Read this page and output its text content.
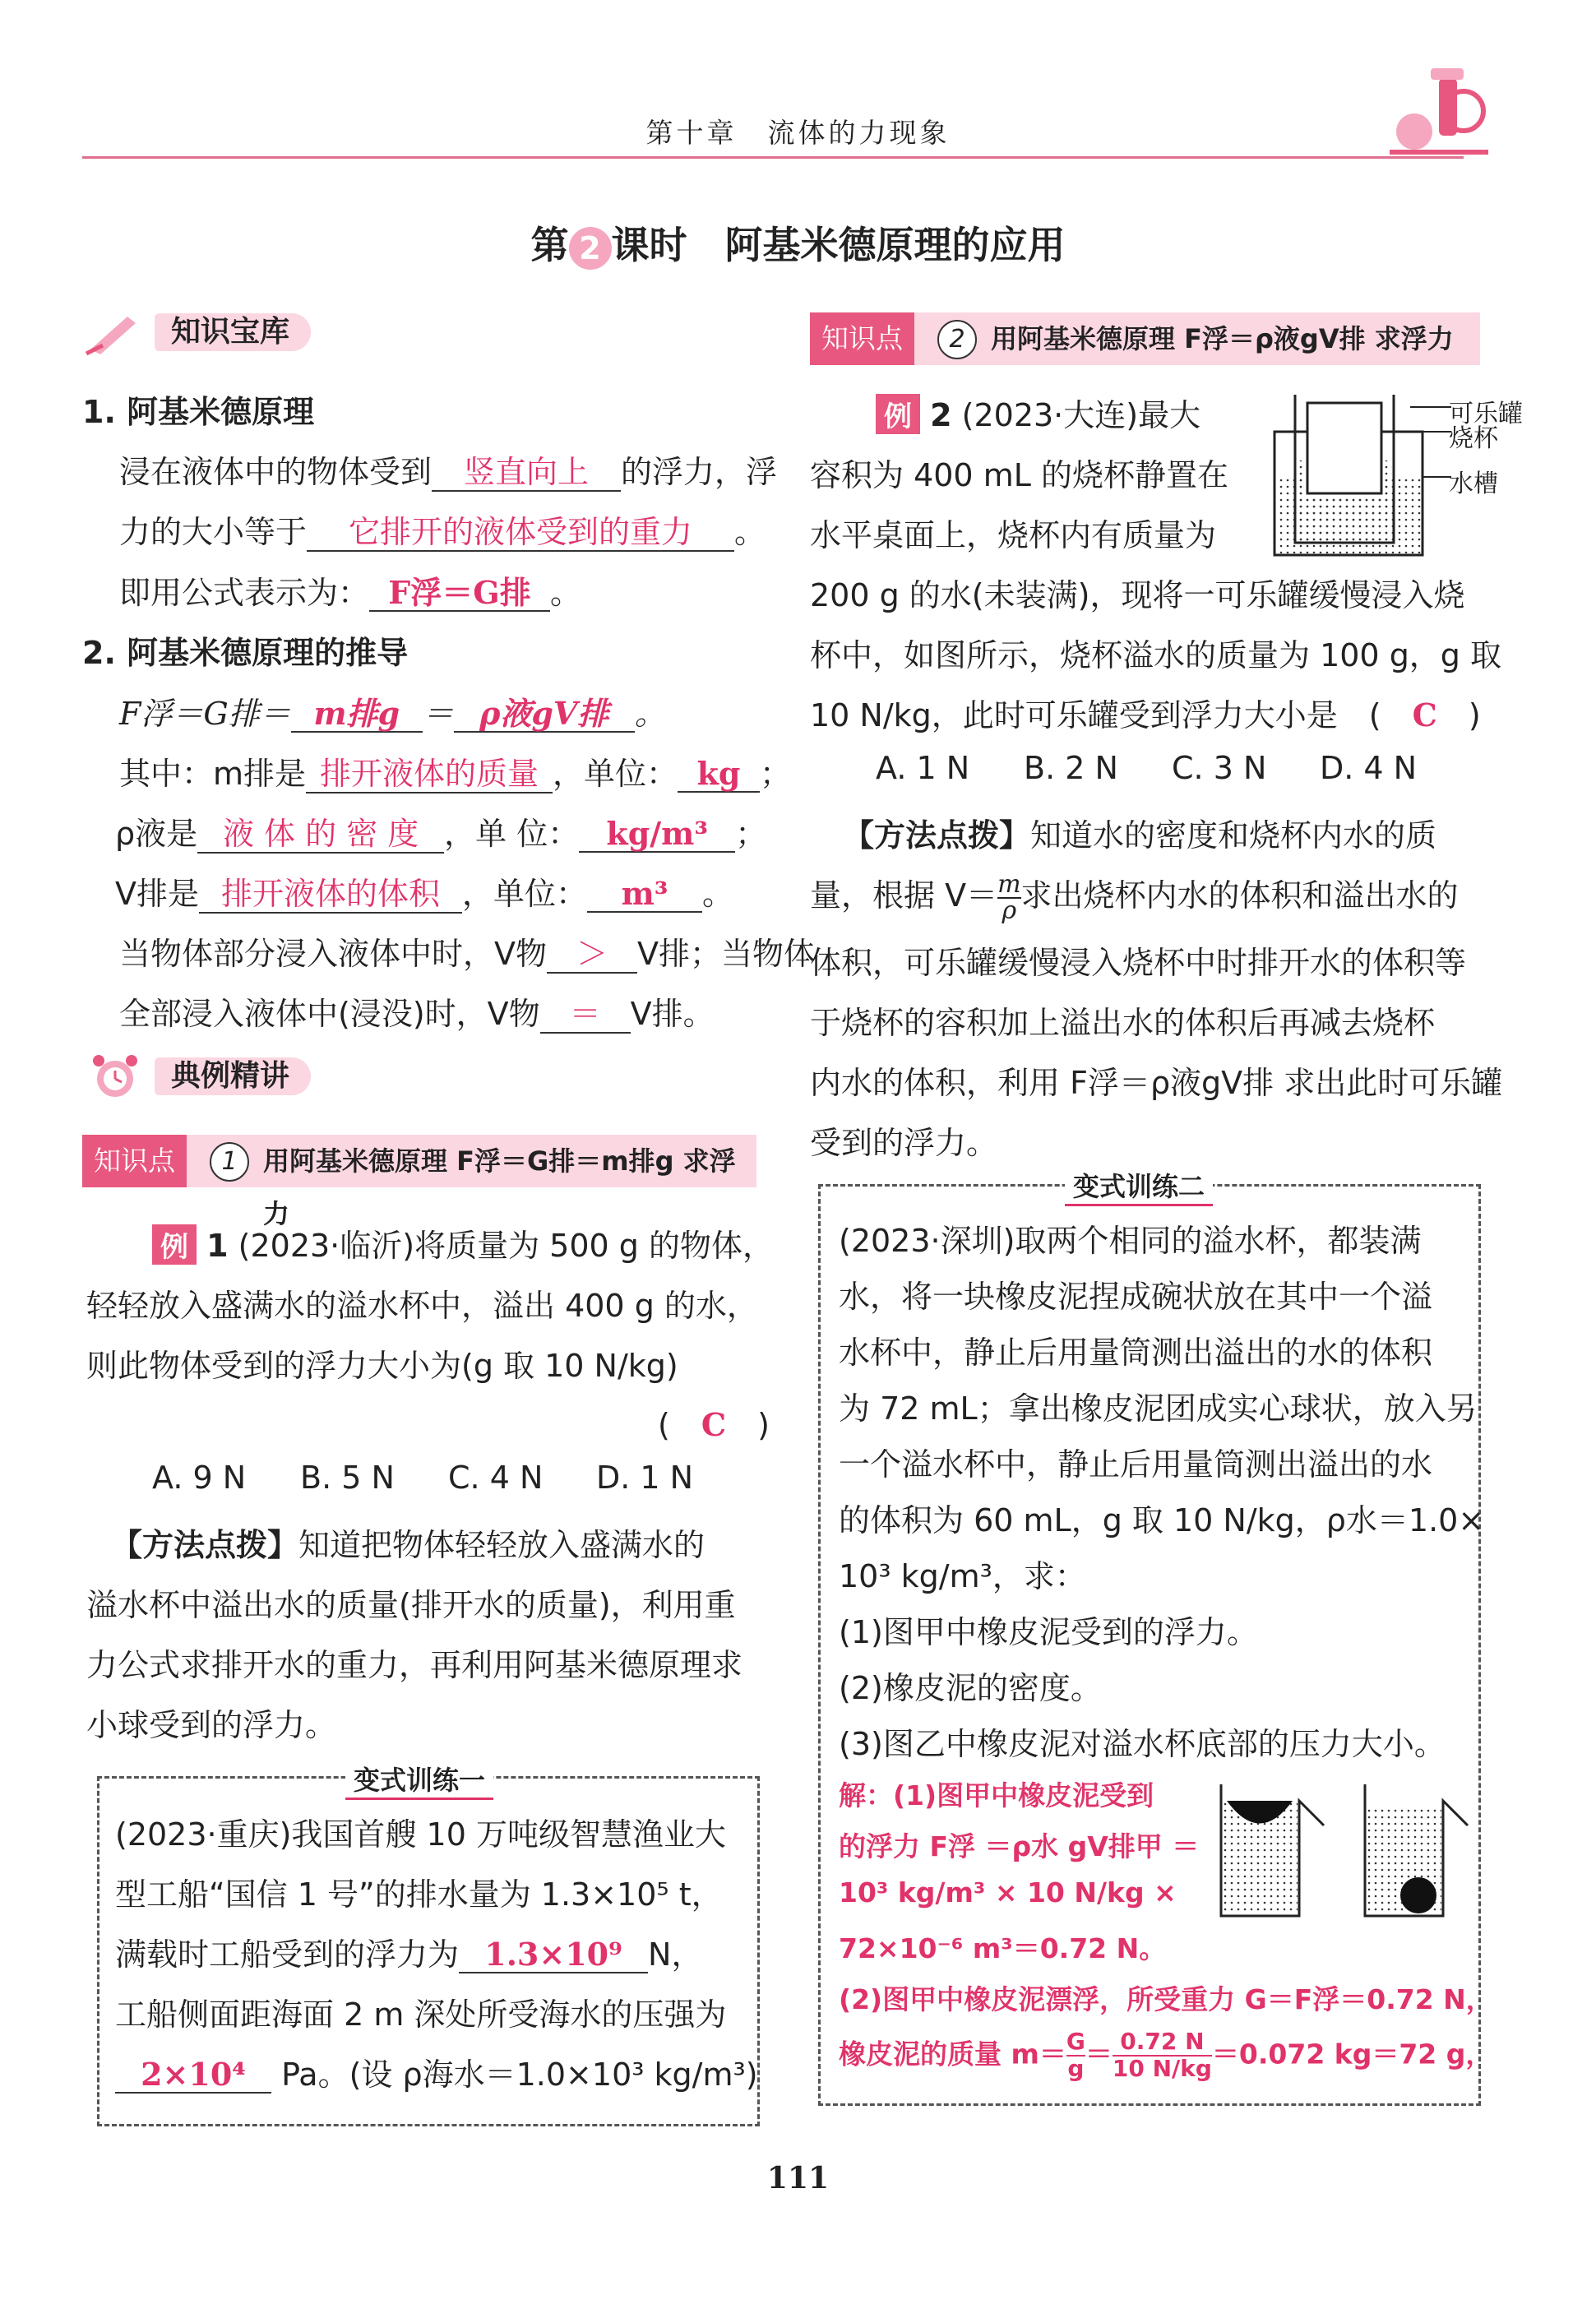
第十章　流体的力现象
第 2 课时　阿基米德原理的应用
知识宝库
1. 阿基米德原理
浸在液体中的物体受到 竖直向上 的浮力，浮
力的大小等于 它排开的液体受到的重力 。
即用公式表示为： F浮＝G排 。
2. 阿基米德原理的推导
F浮＝G排＝ m排g ＝ ρ液gV排 。
其中：m排是 排开液体的质量 ，单位： kg ；
ρ液是 液 体 的 密 度 ，单 位： kg/m³ ；
V排是 排开液体的体积 ，单位： m³ 。
当物体部分浸入液体中时，V物 ＞ V排；当物体
全部浸入液体中(浸没)时，V物 ＝ V排。
典例精讲
知识点	1 用阿基米德原理 F浮＝G排＝m排g 求浮力
例 1 (2023·临沂)将质量为 500 g 的物体，
轻轻放入盛满水的溢水杯中，溢出 400 g 的水，
则此物体受到的浮力大小为(g 取 10 N/kg)
(　C　)
A. 9 N B. 5 N C. 4 N D. 1 N
【方法点拨】知道把物体轻轻放入盛满水的
溢水杯中溢出水的质量(排开水的质量)，利用重
力公式求排开水的重力，再利用阿基米德原理求
小球受到的浮力。
变式训练一
(2023·重庆)我国首艘 10 万吨级智慧渔业大
型工船“国信 1 号”的排水量为 1.3×10⁵ t，
满载时工船受到的浮力为 1.3×10⁹ N，
工船侧面距海面 2 m 深处所受海水的压强为
2×10⁴ Pa。(设 ρ海水＝1.0×10³ kg/m³)
知识点	2 用阿基米德原理 F浮＝ρ液gV排 求浮力
例 2 (2023·大连)最大
容积为 400 mL 的烧杯静置在
水平桌面上，烧杯内有质量为
可乐罐
烧杯
水槽
200 g 的水(未装满)，现将一可乐罐缓慢浸入烧
杯中，如图所示，烧杯溢水的质量为 100 g，g 取
10 N/kg，此时可乐罐受到浮力大小是　(　C　)
A. 1 N B. 2 N C. 3 N D. 4 N
【方法点拨】知道水的密度和烧杯内水的质
量，根据 $V= \frac{m}{\rho}$ 求出烧杯内水的体积和溢出水的
体积，可乐罐缓慢浸入烧杯中时排开水的体积等
于烧杯的容积加上溢出水的体积后再减去烧杯
内水的体积，利用 F浮＝ρ液gV排 求出此时可乐罐
受到的浮力。
变式训练二
(2023·深圳)取两个相同的溢水杯，都装满
水，将一块橡皮泥捏成碗状放在其中一个溢
水杯中，静止后用量筒测出溢出的水的体积
为 72 mL；拿出橡皮泥团成实心球状，放入另
一个溢水杯中，静止后用量筒测出溢出的水
的体积为 60 mL，g 取 10 N/kg，ρ水＝1.0×
10³ kg/m³，求：
(1)图甲中橡皮泥受到的浮力。
(2)橡皮泥的密度。
(3)图乙中橡皮泥对溢水杯底部的压力大小。
解：(1)图甲中橡皮泥受到
的浮力 F浮 ＝ρ水 gV排甲 ＝
10³ kg/m³ × 10 N/kg ×
72×10⁻⁶ m³＝0.72 N。
(2)图甲中橡皮泥漂浮，所受重力 G＝F浮＝0.72 N，
橡皮泥的质量 $m= \frac{G}{g} = \frac{0.72 N}{10 N/kg} =0.072$ kg＝72 g，
111
